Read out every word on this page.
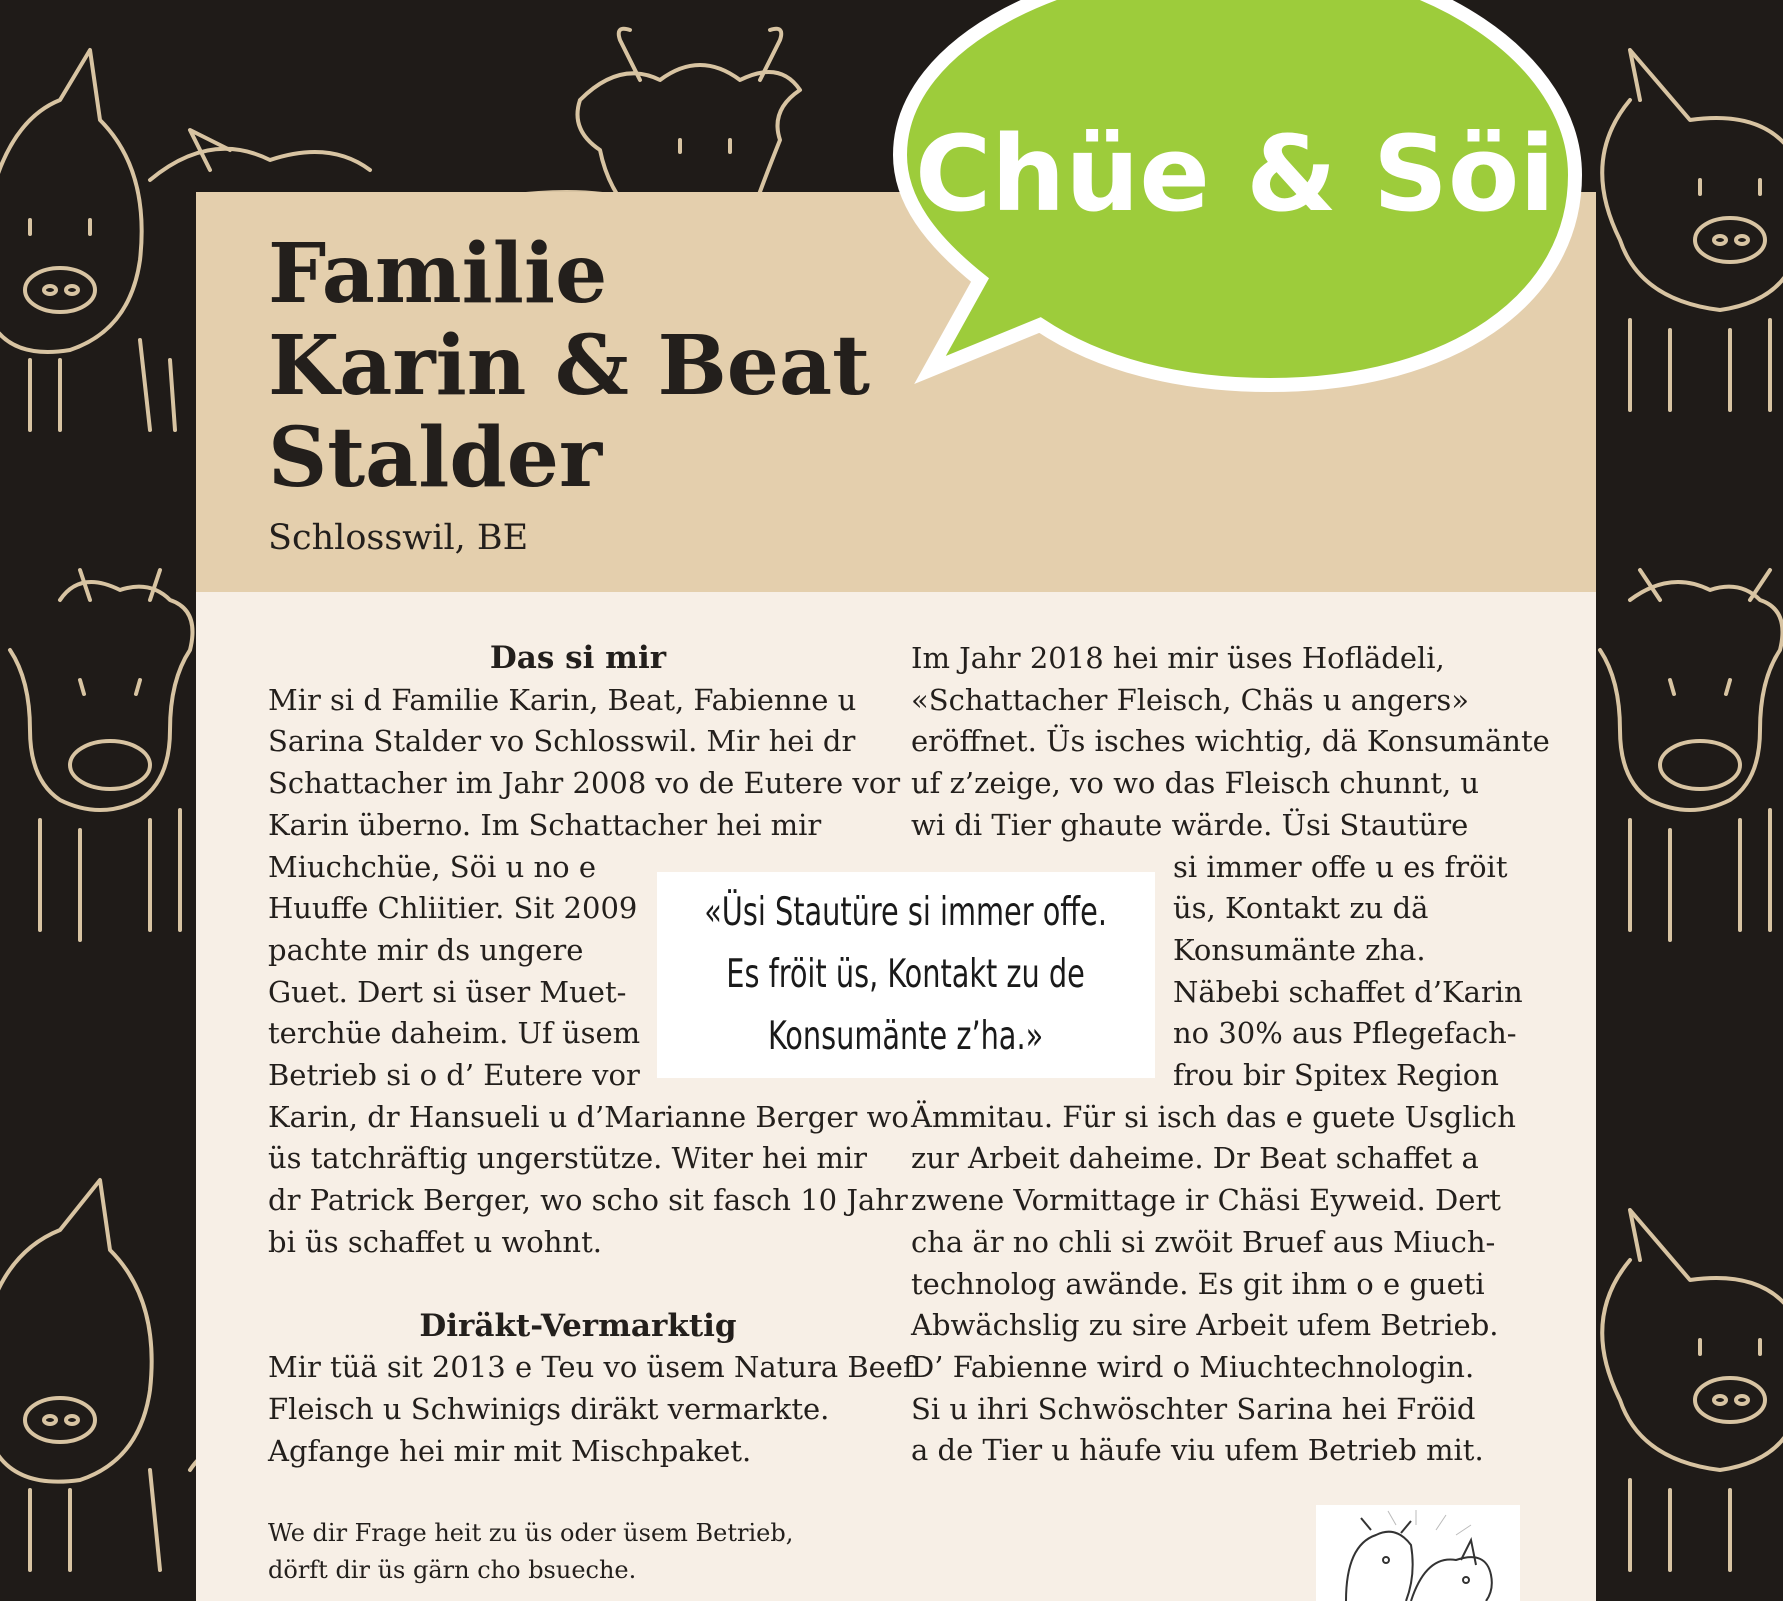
Familie
Karin & Beat
Stalder
Schlosswil, BE
Chüe & Söi
Das si mir
Mir si d Familie Karin, Beat, Fabienne u
Sarina Stalder vo Schlosswil. Mir hei dr
Schattacher im Jahr 2008 vo de Eutere vor
Karin überno. Im Schattacher hei mir
Miuchchüe, Söi u no e
Huuffe Chliitier. Sit 2009
pachte mir ds ungere
Guet. Dert si üser Muet-
terchüe daheim. Uf üsem
Betrieb si o d’ Eutere vor
Karin, dr Hansueli u d’Marianne Berger wo
üs tatchräftig ungerstütze. Witer hei mir
dr Patrick Berger, wo scho sit fasch 10 Jahr
bi üs schaffet u wohnt.
Diräkt-Vermarktig
Mir tüä sit 2013 e Teu vo üsem Natura Beef
Fleisch u Schwinigs diräkt vermarkte.
Agfange hei mir mit Mischpaket.
Im Jahr 2018 hei mir üses Hoflädeli,
«Schattacher Fleisch, Chäs u angers»
eröffnet. Üs isches wichtig, dä Konsumänte
uf z’zeige, vo wo das Fleisch chunnt, u
wi di Tier ghaute wärde. Üsi Stautüre
si immer offe u es fröit
üs, Kontakt zu dä
Konsumänte zha.
Näbebi schaffet d’Karin
no 30% aus Pflegefach-
frou bir Spitex Region
Ämmitau. Für si isch das e guete Usglich
zur Arbeit daheime. Dr Beat schaffet a
zwene Vormittage ir Chäsi Eyweid. Dert
cha är no chli si zwöit Bruef aus Miuch-
technolog awände. Es git ihm o e gueti
Abwächslig zu sire Arbeit ufem Betrieb.
D’ Fabienne wird o Miuchtechnologin.
Si u ihri Schwöschter Sarina hei Fröid
a de Tier u häufe viu ufem Betrieb mit.
«Üsi Stautüre si immer offe.
Es fröit üs, Kontakt zu de
Konsumänte z’ha.»
We dir Frage heit zu üs oder üsem Betrieb,
dörft dir üs gärn cho bsueche.
